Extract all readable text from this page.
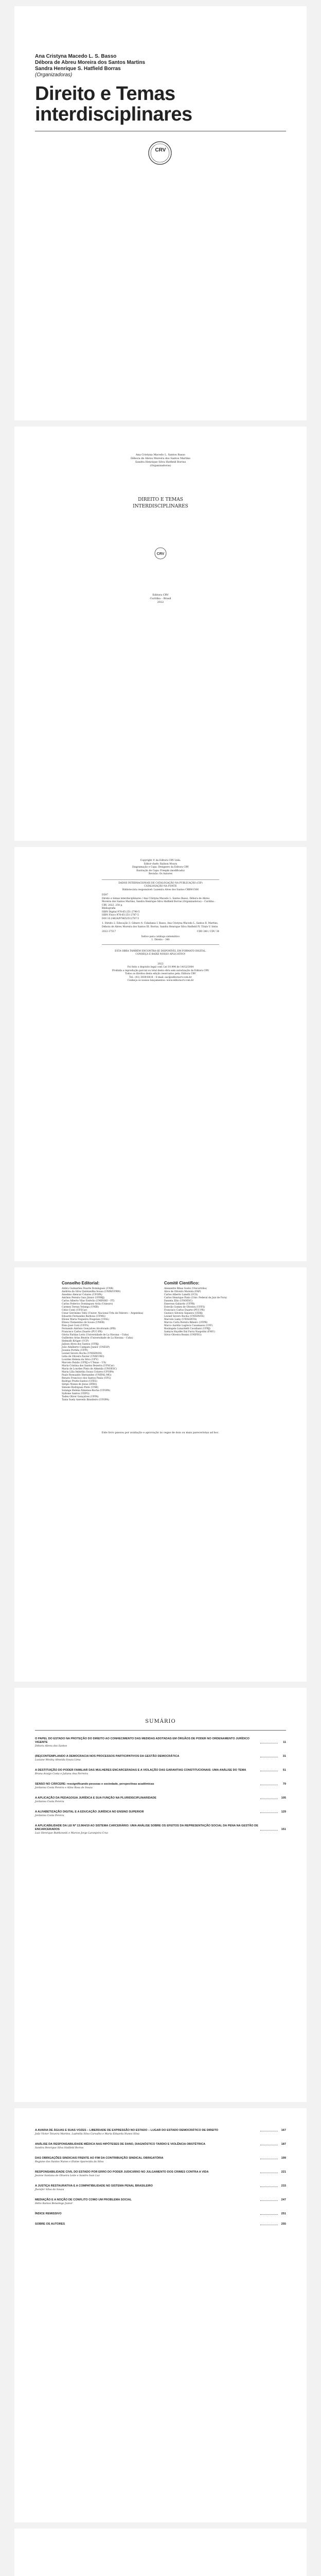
Ana Cristyna Macedo L. S. Basso
Débora de Abreu Moreira dos Santos Martins
Sandra Henrique S. Hatfield Borras
(Organizadoras)
Direito e Temas
interdisciplinares
CRV
Ana Cristyna Macedo L. Santos Basso
Débora de Abreu Moreira dos Santos Martins
Sandra Henrique Silva Hatfield Borras
(Organizadoras)
DIREITO E TEMAS
INTERDISCIPLINARES
CRV
Editora CRV
Curitiba – Brasil
2022
Copyright © da Editora CRV Ltda.
Editor-chefe: Railson Moura
Diagramação e Capa: Designers da Editora CRV
Ilustração de Capa: Freepik (modificada)
Revisão: Os Autores
DADOS INTERNACIONAIS DE CATALOGAÇÃO NA PUBLICAÇÃO (CIP)
CATALOGAÇÃO NA FONTE
Bibliotecária responsável: Luzenira Alves dos Santos CRB9/1506
D597
Direito e temas interdisciplinares / Ana Cristyna Macedo L. Santos Basso, Débora de Abreu Moreira dos Santos Martins, Sandra Henrique Silva Hatfield Borras (Organizadoras) – Curitiba : CRV, 2022. 254 p.
Bibliografia
ISBN Digital 978-65-251-2790-5
ISBN Físico 978-65-251-2787-5
DOI 10.24824/978652512787.5
1. Direito 2. Educação 3. Gênero 4. Cidadania I. Basso, Ana Cristyna Macedo L. Santos II. Martins, Débora de Abreu Moreira dos Santos III. Borras, Sandra Henrique Silva Hatfield IV. Título V. Série.
2022-17517	CDD 340 / CDU 34
Índice para catálogo sistemático
1. Direito – 340
ESTA OBRA TAMBÉM ENCONTRA-SE DISPONÍVEL EM FORMATO DIGITAL.
CONHEÇA E BAIXE NOSSO APLICATIVO!
2022
Foi feito o depósito legal conf. Lei 10.994 de 14/12/2004
Proibida a reprodução parcial ou total desta obra sem autorização da Editora CRV
Todos os direitos desta edição reservados pela: Editora CRV
Tel.: (41) 3039-6418 – E-mail: sac@editoracrv.com.br
Conheça os nossos lançamentos: www.editoracrv.com.br
Conselho Editorial:
Aldira Guimarães Duarte Domínguez (UNB)
Andréia da Silva Quintanilha Sousa (UNIR/UFRN)
Anselmo Alencar Colares (UFOPA)
Antônio Pereira Gaio Júnior (UFRRJ)
Carlos Alberto Vilar Estêvão (UMINHO – PT)
Carlos Federico Dominguez Avila (Unieuro)
Carmen Tereza Velanga (UNIR)
Celso Conti (UFSCar)
Cesar Gerónimo Tello (Univer. Nacional Três de Febrero – Argentina)
Eduardo Fernandes Barbosa (UFMG)
Elione Maria Nogueira Diogenes (UFAL)
Elizeu Clementino de Souza (UNEB)
Élsio José Corá (UFFS)
Fernando Antônio Gonçalves Alcoforado (IPB)
Francisco Carlos Duarte (PUC-PR)
Gloria Fariñas León (Universidade de La Havana – Cuba)
Guillermo Arias Beatón (Universidade de La Havana – Cuba)
Helmuth Krüger (UCP)
Jailson Alves dos Santos (UFRJ)
João Adalberto Campato Junior (UNESP)
Josania Portela (UFPI)
Leonel Severo Rocha (UNISINOS)
Lídia de Oliveira Xavier (UNIEURO)
Lourdes Helena da Silva (UFV)
Marcelo Paixão (UFRJ e UTexas – US)
Maria Cristina dos Santos Bezerra (UFSCar)
Maria de Lourdes Pinto de Almeida (UNOESC)
Maria Lília Imbiriba Sousa Colares (UFOPA)
Paulo Romualdo Hernandes (UNIFAL-MG)
Renato Francisco dos Santos Paula (UFG)
Rodrigo Pratte-Santos (UFES)
Sérgio Nunes de Jesus (IFRO)
Simone Rodrigues Pinto (UNB)
Solange Helena Ximenes-Rocha (UFOPA)
Sydione Santos (UEPG)
Tadeu Oliver Gonçalves (UFPA)
Tania Suely Azevedo Brasileiro (UFOPA)
Comitê Científico:
Alexandre Ribas Godoi (Unicuritiba)
Alice de Oliveira Moreira (FAP)
Carlos Alberto Lunelli (UCS)
Carlos Henrique Pinto (Univ. Federal de Juiz de Fora)
Daniela Zilio (UNOESC)
Emerson Gabardo (UFPR)
Estevão Gomes de Oliveira (UFFS)
Francisco Carlos Duarte (PUC-PR)
Gustavo Silveira Siqueira (UERJ)
Leonel Severo Rocha (UNISINOS)
Marcelo Lamy (UNISANTA)
Marcia Carla Pereira Ribeiro (UFPR)
Marco Aurélio Lagreca Casamasso (UFF)
Rosângela Lunardelli Cavallazzi (UFRJ)
Samyra Haydêe Dal Farra Naspolini (FMU)
Silvio Oliveira Bonini (UNIFEG)
Este livro passou por avaliação e aprovação às cegas de dois ou mais pareceristas ad hoc.
SUMÁRIO
O PAPEL DO ESTADO NA PROTEÇÃO DO DIREITO AO CONHECIMENTO DAS MEDIDAS ADOTADAS EM ÓRGÃOS DE PODER NO ORDENAMENTO JURÍDICO VIGENTE	11
Débora Abreu dos Santos
(RE)CONTEMPLANDO A DEMOCRACIA NOS PROCESSOS PARTICIPATIVOS DA GESTÃO DEMOCRÁTICA	31
Lusiane Wesley Almeida Souza Lima
A DESTITUIÇÃO DO PODER FAMILIAR DAS MULHERES ENCARCERADAS E A VIOLAÇÃO DAS GARANTIAS CONSTITUCIONAIS: UMA ANÁLISE DO TEMA	51
Bruna Araújo Costa e Juliana Ana Ferreira
SENSO NO CÁRCERE: ressignificando pessoas e sociedade, perspectivas acadêmicas	79
Jordanna Costa Pereira e Aline Rosa de Souza
A APLICAÇÃO DA PEDAGOGIA JURÍDICA E SUA FUNÇÃO NA PLURIDISCIPLINARIDADE	105
Jordanna Costa Pereira
A ALFABETIZAÇÃO DIGITAL E A EDUCAÇÃO JURÍDICA NO ENSINO SUPERIOR	129
Jordanna Costa Pereira
A APLICABILIDADE DA LEI Nº 13.964/19 AO SISTEMA CARCERÁRIO: UMA ANÁLISE SOBRE OS EFEITOS DA REPRESENTAÇÃO SOCIAL DA PENA NA GESTÃO DE ENCARCERADOS	151
Luiz Henrique Ruttkowski e Marcos Jorge Laranjeira Cruz
A AVARIA DE ÁGUAS E SUAS VOZES – LIBERDADE DE EXPRESSÃO NO ESTADO – LUGAR DO ESTADO DEMOCRÁTICO DE DIREITO	167
João Victor Teixeira Martins, Ludmilla Silva Carvalho e Maria Eduarda Nunes Silva
ANÁLISE DA RESPONSABILIDADE MÉDICA NAS HIPÓTESES DE DANO, DIAGNÓSTICO TARDIO E VIOLÊNCIA OBSTÉTRICA	187
Sandra Henrique Silva Hatfield Borras
DAS OBRIGAÇÕES SINDICAIS FRENTE AO FIM DA CONTRIBUIÇÃO SINDICAL OBRIGATÓRIA	199
Regiane dos Santos Nunes e Elaine Aparecida da Silva
RESPONSABILIDADE CIVIL DO ESTADO POR ERRO DO PODER JUDICIÁRIO NO JULGAMENTO DOS CRIMES CONTRA A VIDA	221
Jeanne Santana de Oliveira Leite e Sandro Ivan Luz
A JUSTIÇA RESTAURATIVA E A COMPATIBILIDADE NO SISTEMA PENAL BRASILEIRO	233
Jhenifer Silva de Souza
MEDIAÇÃO E A NOÇÃO DE CONFLITO COMO UM PROBLEMA SOCIAL	247
Hélio Ramos Bonamigo Junior
ÍNDICE REMISSIVO	251
SOBRE OS AUTORES	255
